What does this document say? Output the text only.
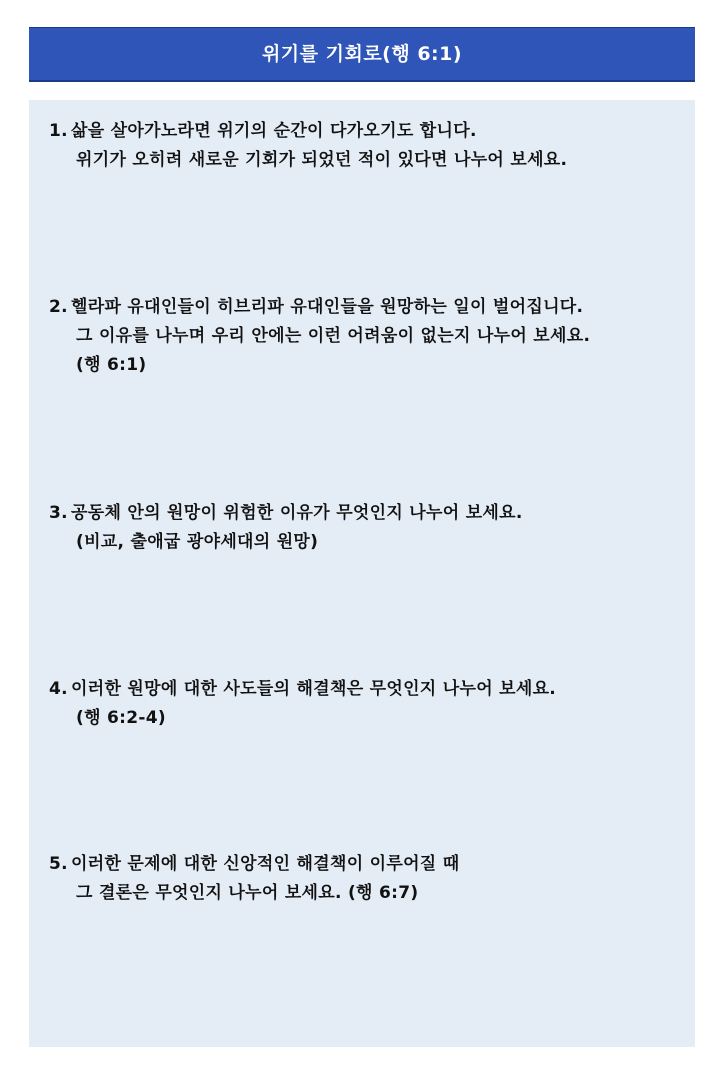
위기를 기회로(행 6:1)
1. 삶을 살아가노라면 위기의 순간이 다가오기도 합니다.
위기가 오히려 새로운 기회가 되었던 적이 있다면 나누어 보세요.
2. 헬라파 유대인들이 히브리파 유대인들을 원망하는 일이 벌어집니다.
그 이유를 나누며 우리 안에는 이런 어려움이 없는지 나누어 보세요.
(행 6:1)
3. 공동체 안의 원망이 위험한 이유가 무엇인지 나누어 보세요.
(비교, 출애굽 광야세대의 원망)
4. 이러한 원망에 대한 사도들의 해결책은 무엇인지 나누어 보세요.
(행 6:2-4)
5. 이러한 문제에 대한 신앙적인 해결책이 이루어질 때
그 결론은 무엇인지 나누어 보세요. (행 6:7)
